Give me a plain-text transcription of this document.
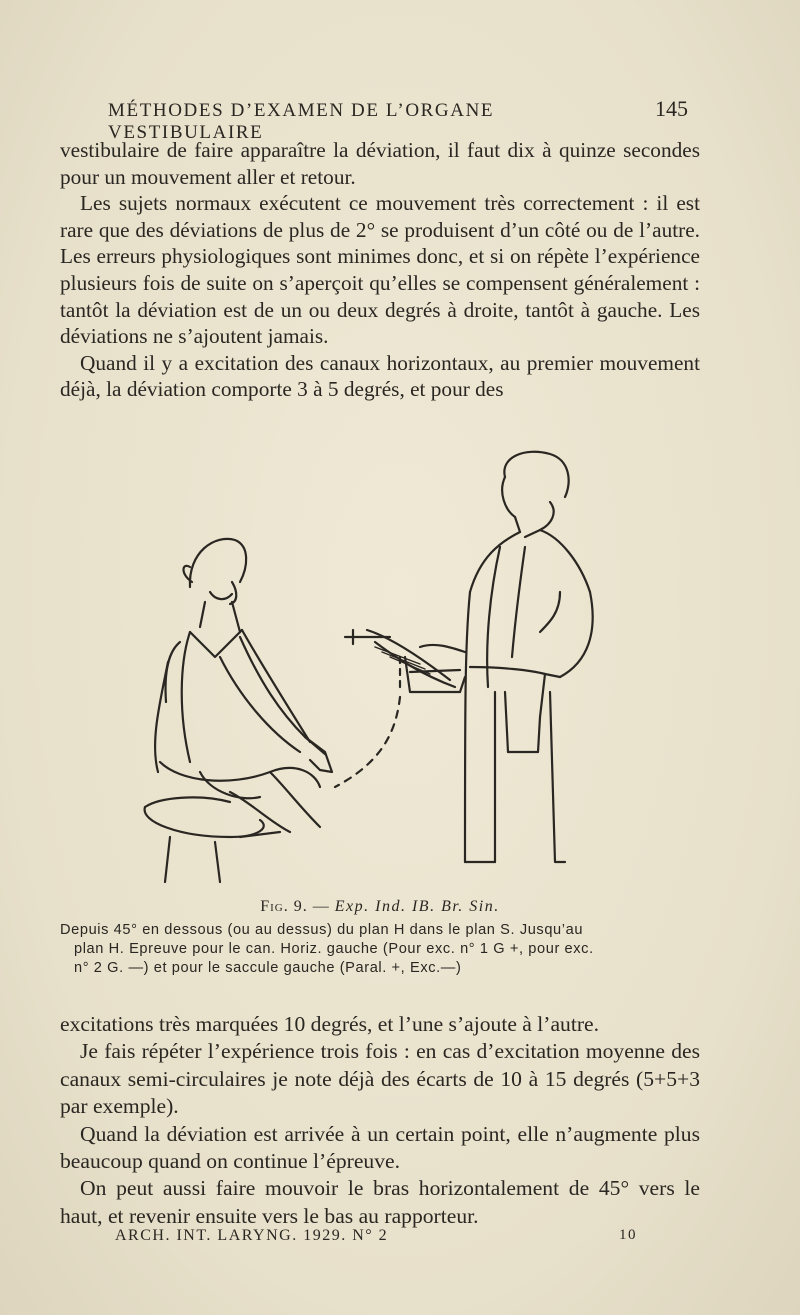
MÉTHODES D’EXAMEN DE L’ORGANE VESTIBULAIRE
145

vestibulaire de faire apparaître la déviation, il faut dix à quinze secondes pour un mouvement aller et retour.

Les sujets normaux exécutent ce mouvement très correctement : il est rare que des déviations de plus de 2° se produisent d’un côté ou de l’autre. Les erreurs physiologiques sont minimes donc, et si on répète l’expérience plusieurs fois de suite on s’aperçoit qu’elles se compensent généralement : tantôt la déviation est de un ou deux degrés à droite, tantôt à gauche. Les déviations ne s’ajoutent jamais.

Quand il y a excitation des canaux horizontaux, au premier mouvement déjà, la déviation comporte 3 à 5 degrés, et pour des

Fig. 9. — Exp. Ind. IB. Br. Sin.
Depuis 45° en dessous (ou au dessus) du plan H dans le plan S. Jusqu’au
plan H. Epreuve pour le can. Horiz. gauche (Pour exc. n° 1 G +, pour exc.
n° 2 G. —) et pour le saccule gauche (Paral. +, Exc.—)

excitations très marquées 10 degrés, et l’une s’ajoute à l’autre.

Je fais répéter l’expérience trois fois : en cas d’excitation moyenne des canaux semi-circulaires je note déjà des écarts de 10 à 15 degrés (5+5+3 par exemple).

Quand la déviation est arrivée à un certain point, elle n’augmente plus beaucoup quand on continue l’épreuve.

On peut aussi faire mouvoir le bras horizontalement de 45° vers le haut, et revenir ensuite vers le bas au rapporteur.

ARCH. INT. LARYNG. 1929. N° 2	10
